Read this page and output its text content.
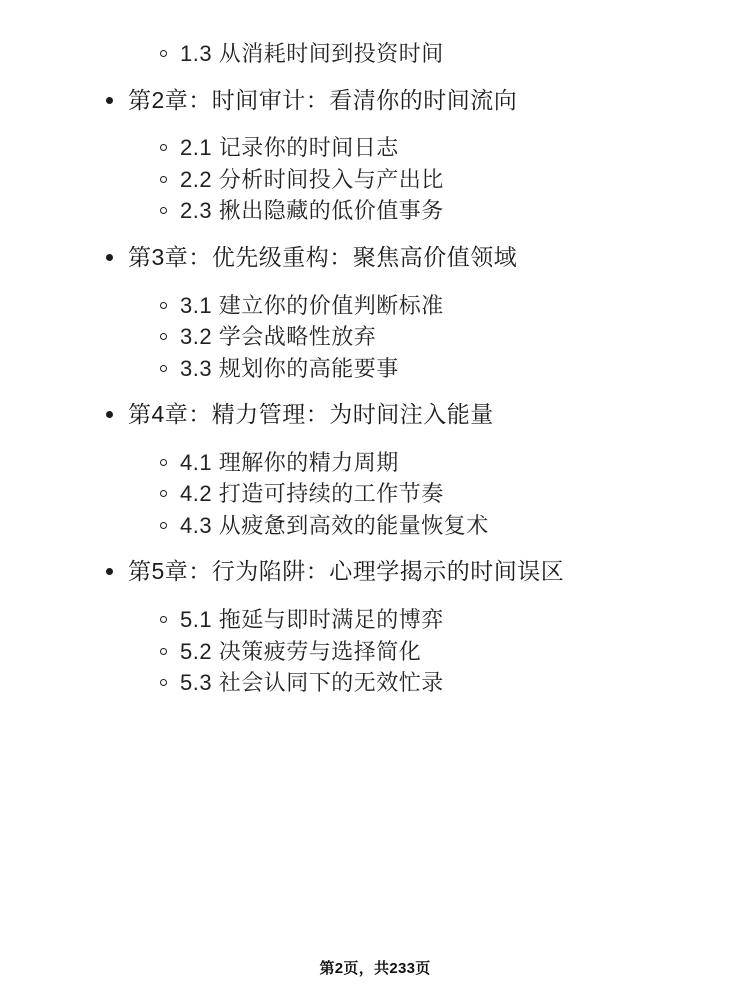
1.3 从消耗时间到投资时间
第2章：时间审计：看清你的时间流向
2.1 记录你的时间日志
2.2 分析时间投入与产出比
2.3 揪出隐藏的低价值事务
第3章：优先级重构：聚焦高价值领域
3.1 建立你的价值判断标准
3.2 学会战略性放弃
3.3 规划你的高能要事
第4章：精力管理：为时间注入能量
4.1 理解你的精力周期
4.2 打造可持续的工作节奏
4.3 从疲惫到高效的能量恢复术
第5章：行为陷阱：心理学揭示的时间误区
5.1 拖延与即时满足的博弈
5.2 决策疲劳与选择简化
5.3 社会认同下的无效忙录
第2页，共233页
